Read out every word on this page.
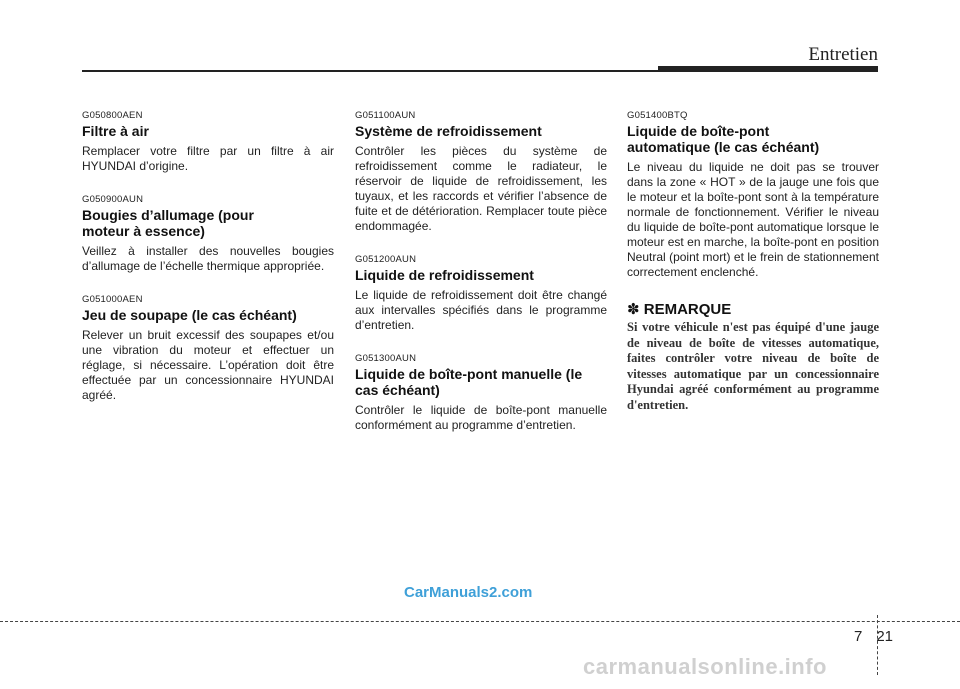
Entretien

G050800AEN

Filtre à air

Remplacer votre filtre par un filtre à air HYUNDAI d’origine.

G050900AUN

Bougies d’allumage (pour moteur à essence)

Veillez à installer des nouvelles bougies d’allumage de l’échelle thermique appropriée.

G051000AEN

Jeu de soupape (le cas échéant)

Relever un bruit excessif des soupapes et/ou une vibration du moteur et effectuer un réglage, si nécessaire. L’opération doit être effectuée par un concessionnaire HYUNDAI agréé.

G051100AUN

Système de refroidissement

Contrôler les pièces du système de refroidissement comme le radiateur, le réservoir de liquide de refroidissement, les tuyaux, et les raccords et vérifier l’absence de fuite et de détérioration. Remplacer toute pièce endommagée.

G051200AUN

Liquide de refroidissement

Le liquide de refroidissement doit être changé aux intervalles spécifiés dans le programme d’entretien.

G051300AUN

Liquide de boîte-pont manuelle (le cas échéant)

Contrôler le liquide de boîte-pont manuelle conformément au programme d’entretien.

G051400BTQ

Liquide de boîte-pont automatique (le cas échéant)

Le niveau du liquide ne doit pas se trouver dans la zone « HOT » de la jauge une fois que le moteur et la boîte-pont sont à la température normale de fonctionnement. Vérifier le niveau du liquide de boîte-pont automatique lorsque le moteur est en marche, la boîte-pont en position Neutral (point mort) et le frein de stationnement correctement enclenché.

✽ REMARQUE

Si votre véhicule n'est pas équipé d'une jauge de niveau de boîte de vitesses automatique, faites contrôler votre niveau de boîte de vitesses automatique par un concessionnaire Hyundai agréé conformément au programme d'entretien.

CarManuals2.com
7 21
carmanualsonline.info
